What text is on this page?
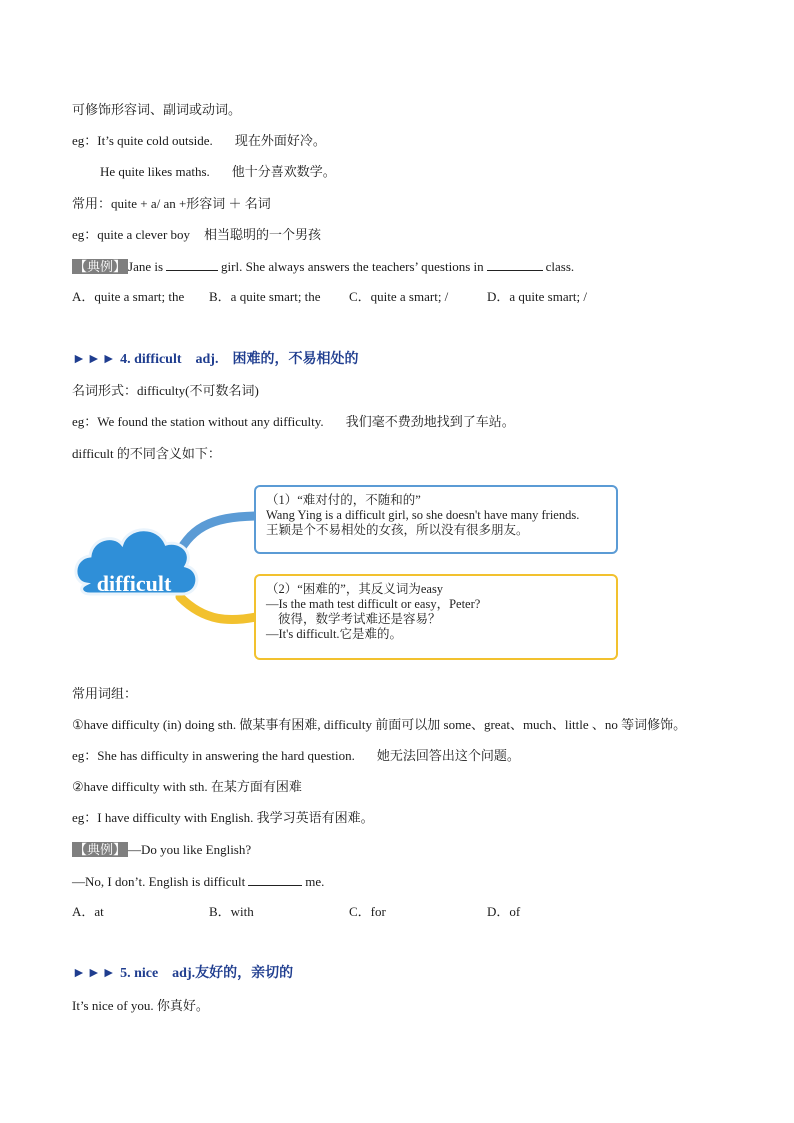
可修饰形容词、副词或动词。
eg：It’s quite cold outside. 现在外面好冷。
He quite likes maths. 他十分喜欢数学。
常用：quite + a/ an +形容词 ＋ 名词
eg：quite a clever boy 相当聪明的一个男孩
【典例】 Jane is	girl. She always answers the teachers’ questions in	class.
A．quite a smart; the B．a quite smart; the C．quite a smart; /	D．a quite smart; /
►►► 4. difficult　adj.　困难的，不易相处的
名词形式：difficulty(不可数名词)
eg：We found the station without any difficulty. 我们毫不费劲地找到了车站。
difficult 的不同含义如下：
difficult
（1）“难对付的，不随和的”
Wang Ying is a difficult girl, so she doesn't have many friends.
王颖是个不易相处的女孩，所以没有很多朋友。
（2）“困难的”，其反义词为easy
—Is the math test difficult or easy，Peter?
彼得，数学考试难还是容易？
—It's difficult.它是难的。
常用词组：
①have difficulty (in) doing sth. 做某事有困难, difficulty 前面可以加 some、great、much、little 、no 等词修饰。
eg：She has difficulty in answering the hard question. 她无法回答出这个问题。
②have difficulty with sth. 在某方面有困难
eg：I have difficulty with English. 我学习英语有困难。
【典例】 —Do you like English?
—No, I don’t. English is difficult	me.
A．at	B．with	C．for	D．of
►►► 5. nice　adj.友好的，亲切的
It’s nice of you. 你真好。
